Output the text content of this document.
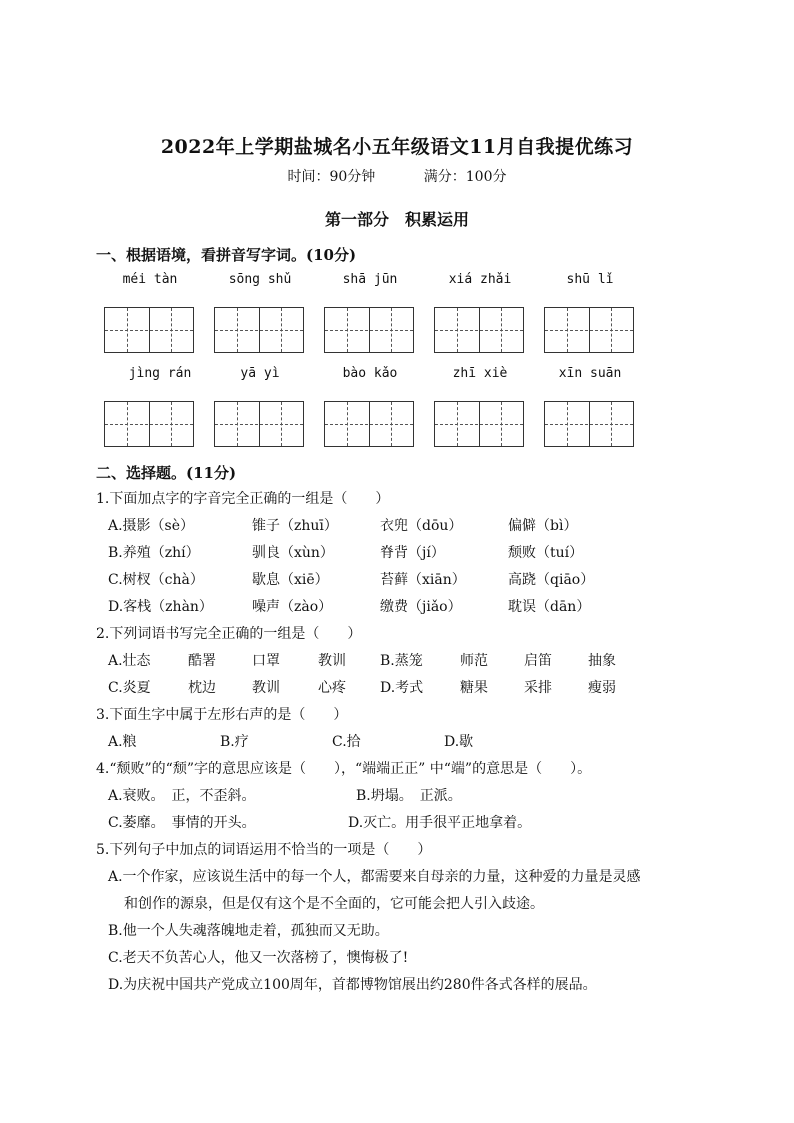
2022年上学期盐城名小五年级语文11月自我提优练习
时间：90分钟	满分：100分
第一部分　积累运用
一、根据语境，看拼音写字词。(10分)
méi tàn	sōng shǔ	shā jūn	xiá zhǎi	shū lǐ
jìng rán	yā yì	bào kǎo	zhī xiè	xīn suān
二、选择题。(11分)
1.下面加点字的字音完全正确的一组是（　　）
A.摄影（sè）	锥子（zhuī）	衣兜（dōu）	偏僻（bì）
B.养殖（zhí）	驯良（xùn）	脊背（jí）	颓败（tuí）
C.树杈（chà）	歇息（xiē）	苔藓（xiān）	高跷（qiāo）
D.客栈（zhàn）	噪声（zào）	缴费（jiǎo）	耽误（dān）
2.下列词语书写完全正确的一组是（　　）
A.壮态	酷署	口罩	教训 B.蒸笼	师范	启笛	抽象
C.炎夏	枕边	教训	心疼 D.考式	糖果	采排	瘦弱
3.下面生字中属于左形右声的是（　　）
A.粮	B.疗	C.拾	D.歇
4.“颓败”的“颓”字的意思应该是（　　），“端端正正” 中“端”的意思是（　　）。
A.衰败。　正，不歪斜。	B.坍塌。　正派。
C.萎靡。　事情的开头。	D.灭亡。用手很平正地拿着。
5.下列句子中加点的词语运用不恰当的一项是（　　）
A.一个作家，应该说生活中的每一个人，都需要来自母亲的力量，这种爱的力量是灵感
和创作的源泉，但是仅有这个是不全面的，它可能会把人引入歧途。
B.他一个人失魂落魄地走着，孤独而又无助。
C.老天不负苦心人，他又一次落榜了，懊悔极了!
D.为庆祝中国共产党成立100周年，首都博物馆展出约280件各式各样的展品。
